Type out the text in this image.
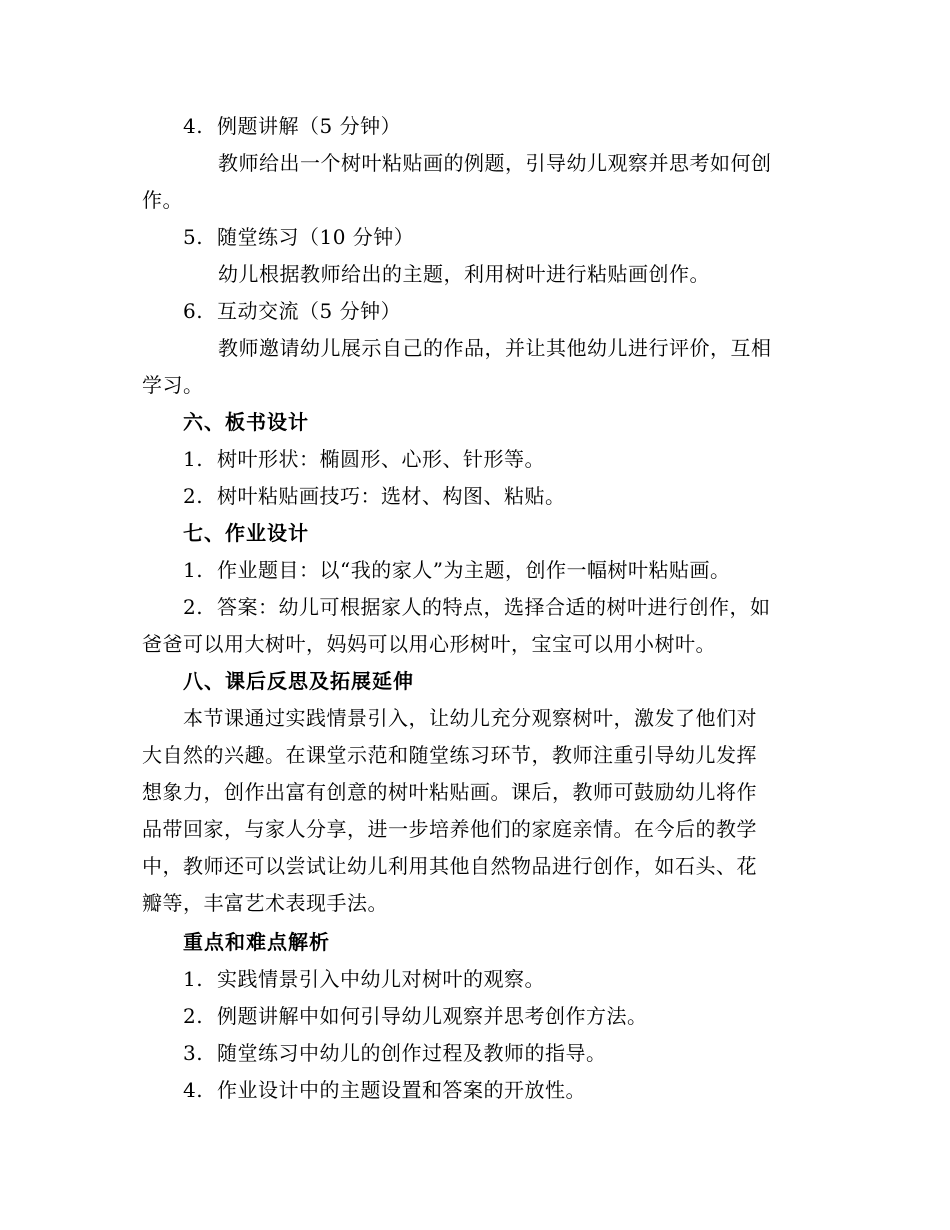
4. 例题讲解（5 分钟）
教师给出一个树叶粘贴画的例题，引导幼儿观察并思考如何创
作。
5. 随堂练习（10 分钟）
幼儿根据教师给出的主题，利用树叶进行粘贴画创作。
6. 互动交流（5 分钟）
教师邀请幼儿展示自己的作品，并让其他幼儿进行评价，互相
学习。
六、板书设计
1. 树叶形状：椭圆形、心形、针形等。
2. 树叶粘贴画技巧：选材、构图、粘贴。
七、作业设计
1. 作业题目：以“我的家人”为主题，创作一幅树叶粘贴画。
2. 答案：幼儿可根据家人的特点，选择合适的树叶进行创作，如
爸爸可以用大树叶，妈妈可以用心形树叶，宝宝可以用小树叶。
八、课后反思及拓展延伸
本节课通过实践情景引入，让幼儿充分观察树叶，激发了他们对
大自然的兴趣。在课堂示范和随堂练习环节，教师注重引导幼儿发挥
想象力，创作出富有创意的树叶粘贴画。课后，教师可鼓励幼儿将作
品带回家，与家人分享，进一步培养他们的家庭亲情。在今后的教学
中，教师还可以尝试让幼儿利用其他自然物品进行创作，如石头、花
瓣等，丰富艺术表现手法。
重点和难点解析
1. 实践情景引入中幼儿对树叶的观察。
2. 例题讲解中如何引导幼儿观察并思考创作方法。
3. 随堂练习中幼儿的创作过程及教师的指导。
4. 作业设计中的主题设置和答案的开放性。
